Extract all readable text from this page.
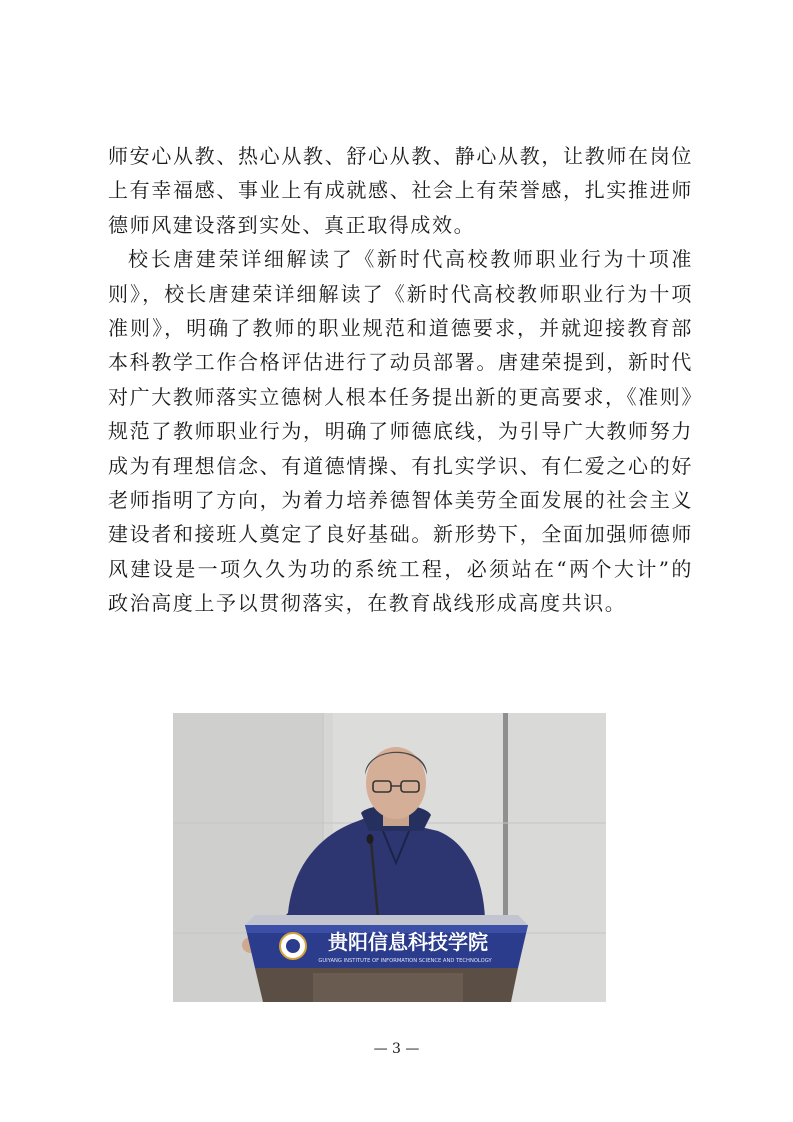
师安心从教、热心从教、舒心从教、静心从教，让教师在岗位上有幸福感、事业上有成就感、社会上有荣誉感，扎实推进师德师风建设落到实处、真正取得成效。

校长唐建荣详细解读了《新时代高校教师职业行为十项准则》，校长唐建荣详细解读了《新时代高校教师职业行为十项准则》，明确了教师的职业规范和道德要求，并就迎接教育部本科教学工作合格评估进行了动员部署。唐建荣提到，新时代对广大教师落实立德树人根本任务提出新的更高要求，《准则》规范了教师职业行为，明确了师德底线，为引导广大教师努力成为有理想信念、有道德情操、有扎实学识、有仁爱之心的好老师指明了方向，为着力培养德智体美劳全面发展的社会主义建设者和接班人奠定了良好基础。新形势下，全面加强师德师风建设是一项久久为功的系统工程，必须站在“两个大计”的政治高度上予以贯彻落实，在教育战线形成高度共识。

贵阳信息科技学院
GUIYANG INSTITUTE OF INFORMATION SCIENCE AND TECHNOLOGY
— 3 —
